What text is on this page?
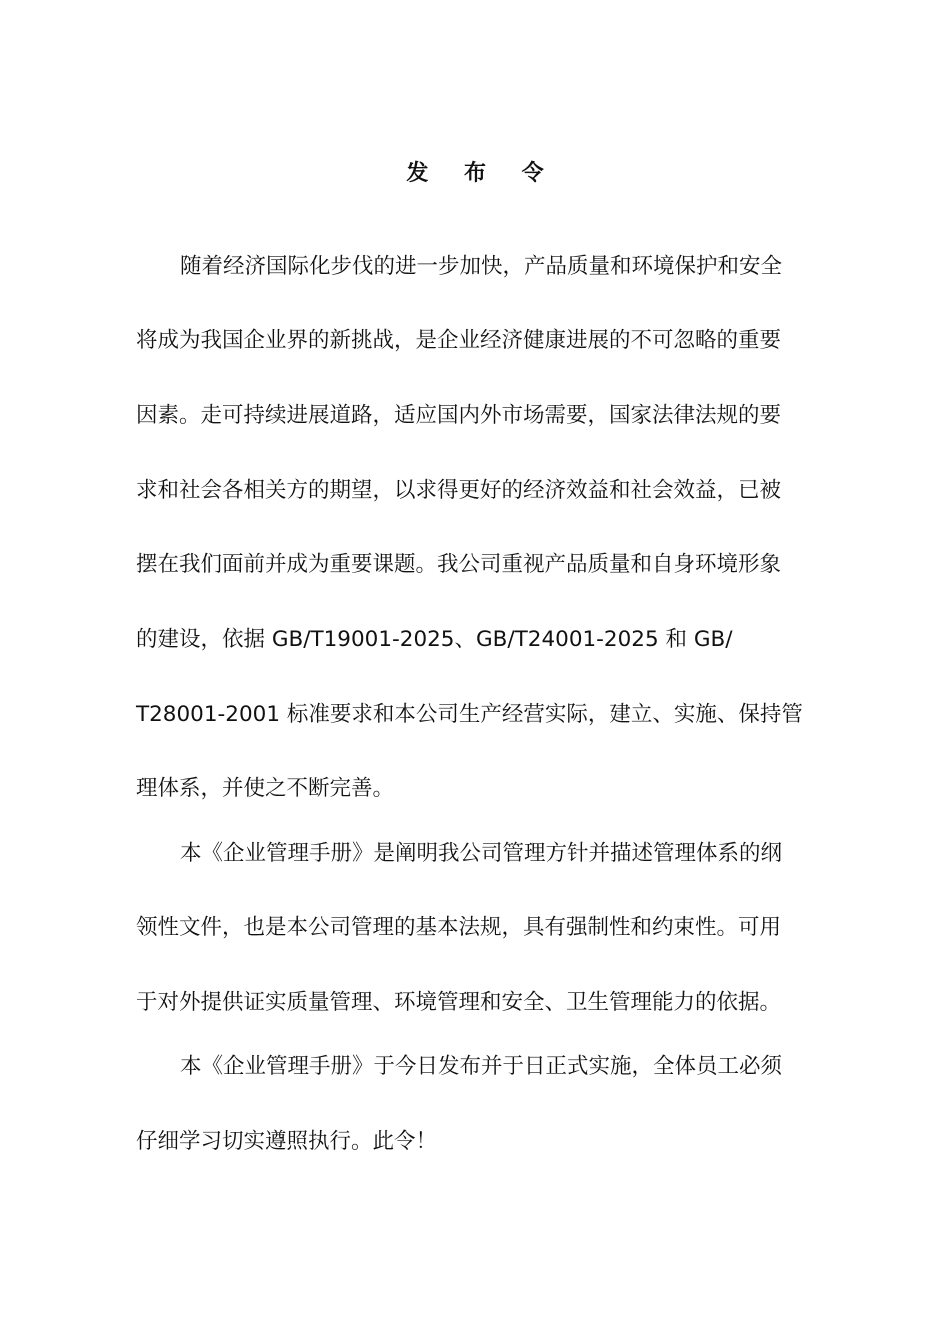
发 布 令
随着经济国际化步伐的进一步加快，产品质量和环境保护和安全
将成为我国企业界的新挑战，是企业经济健康进展的不可忽略的重要
因素。走可持续进展道路，适应国内外市场需要，国家法律法规的要
求和社会各相关方的期望，以求得更好的经济效益和社会效益，已被
摆在我们面前并成为重要课题。我公司重视产品质量和自身环境形象
的建设，依据 GB/T19001-2025、GB/T24001-2025 和 GB/
T28001-2001 标准要求和本公司生产经营实际，建立、实施、保持管
理体系，并使之不断完善。
本《企业管理手册》是阐明我公司管理方针并描述管理体系的纲
领性文件，也是本公司管理的基本法规，具有强制性和约束性。可用
于对外提供证实质量管理、环境管理和安全、卫生管理能力的依据。
本《企业管理手册》于今日发布并于日正式实施，全体员工必须
仔细学习切实遵照执行。此令！
